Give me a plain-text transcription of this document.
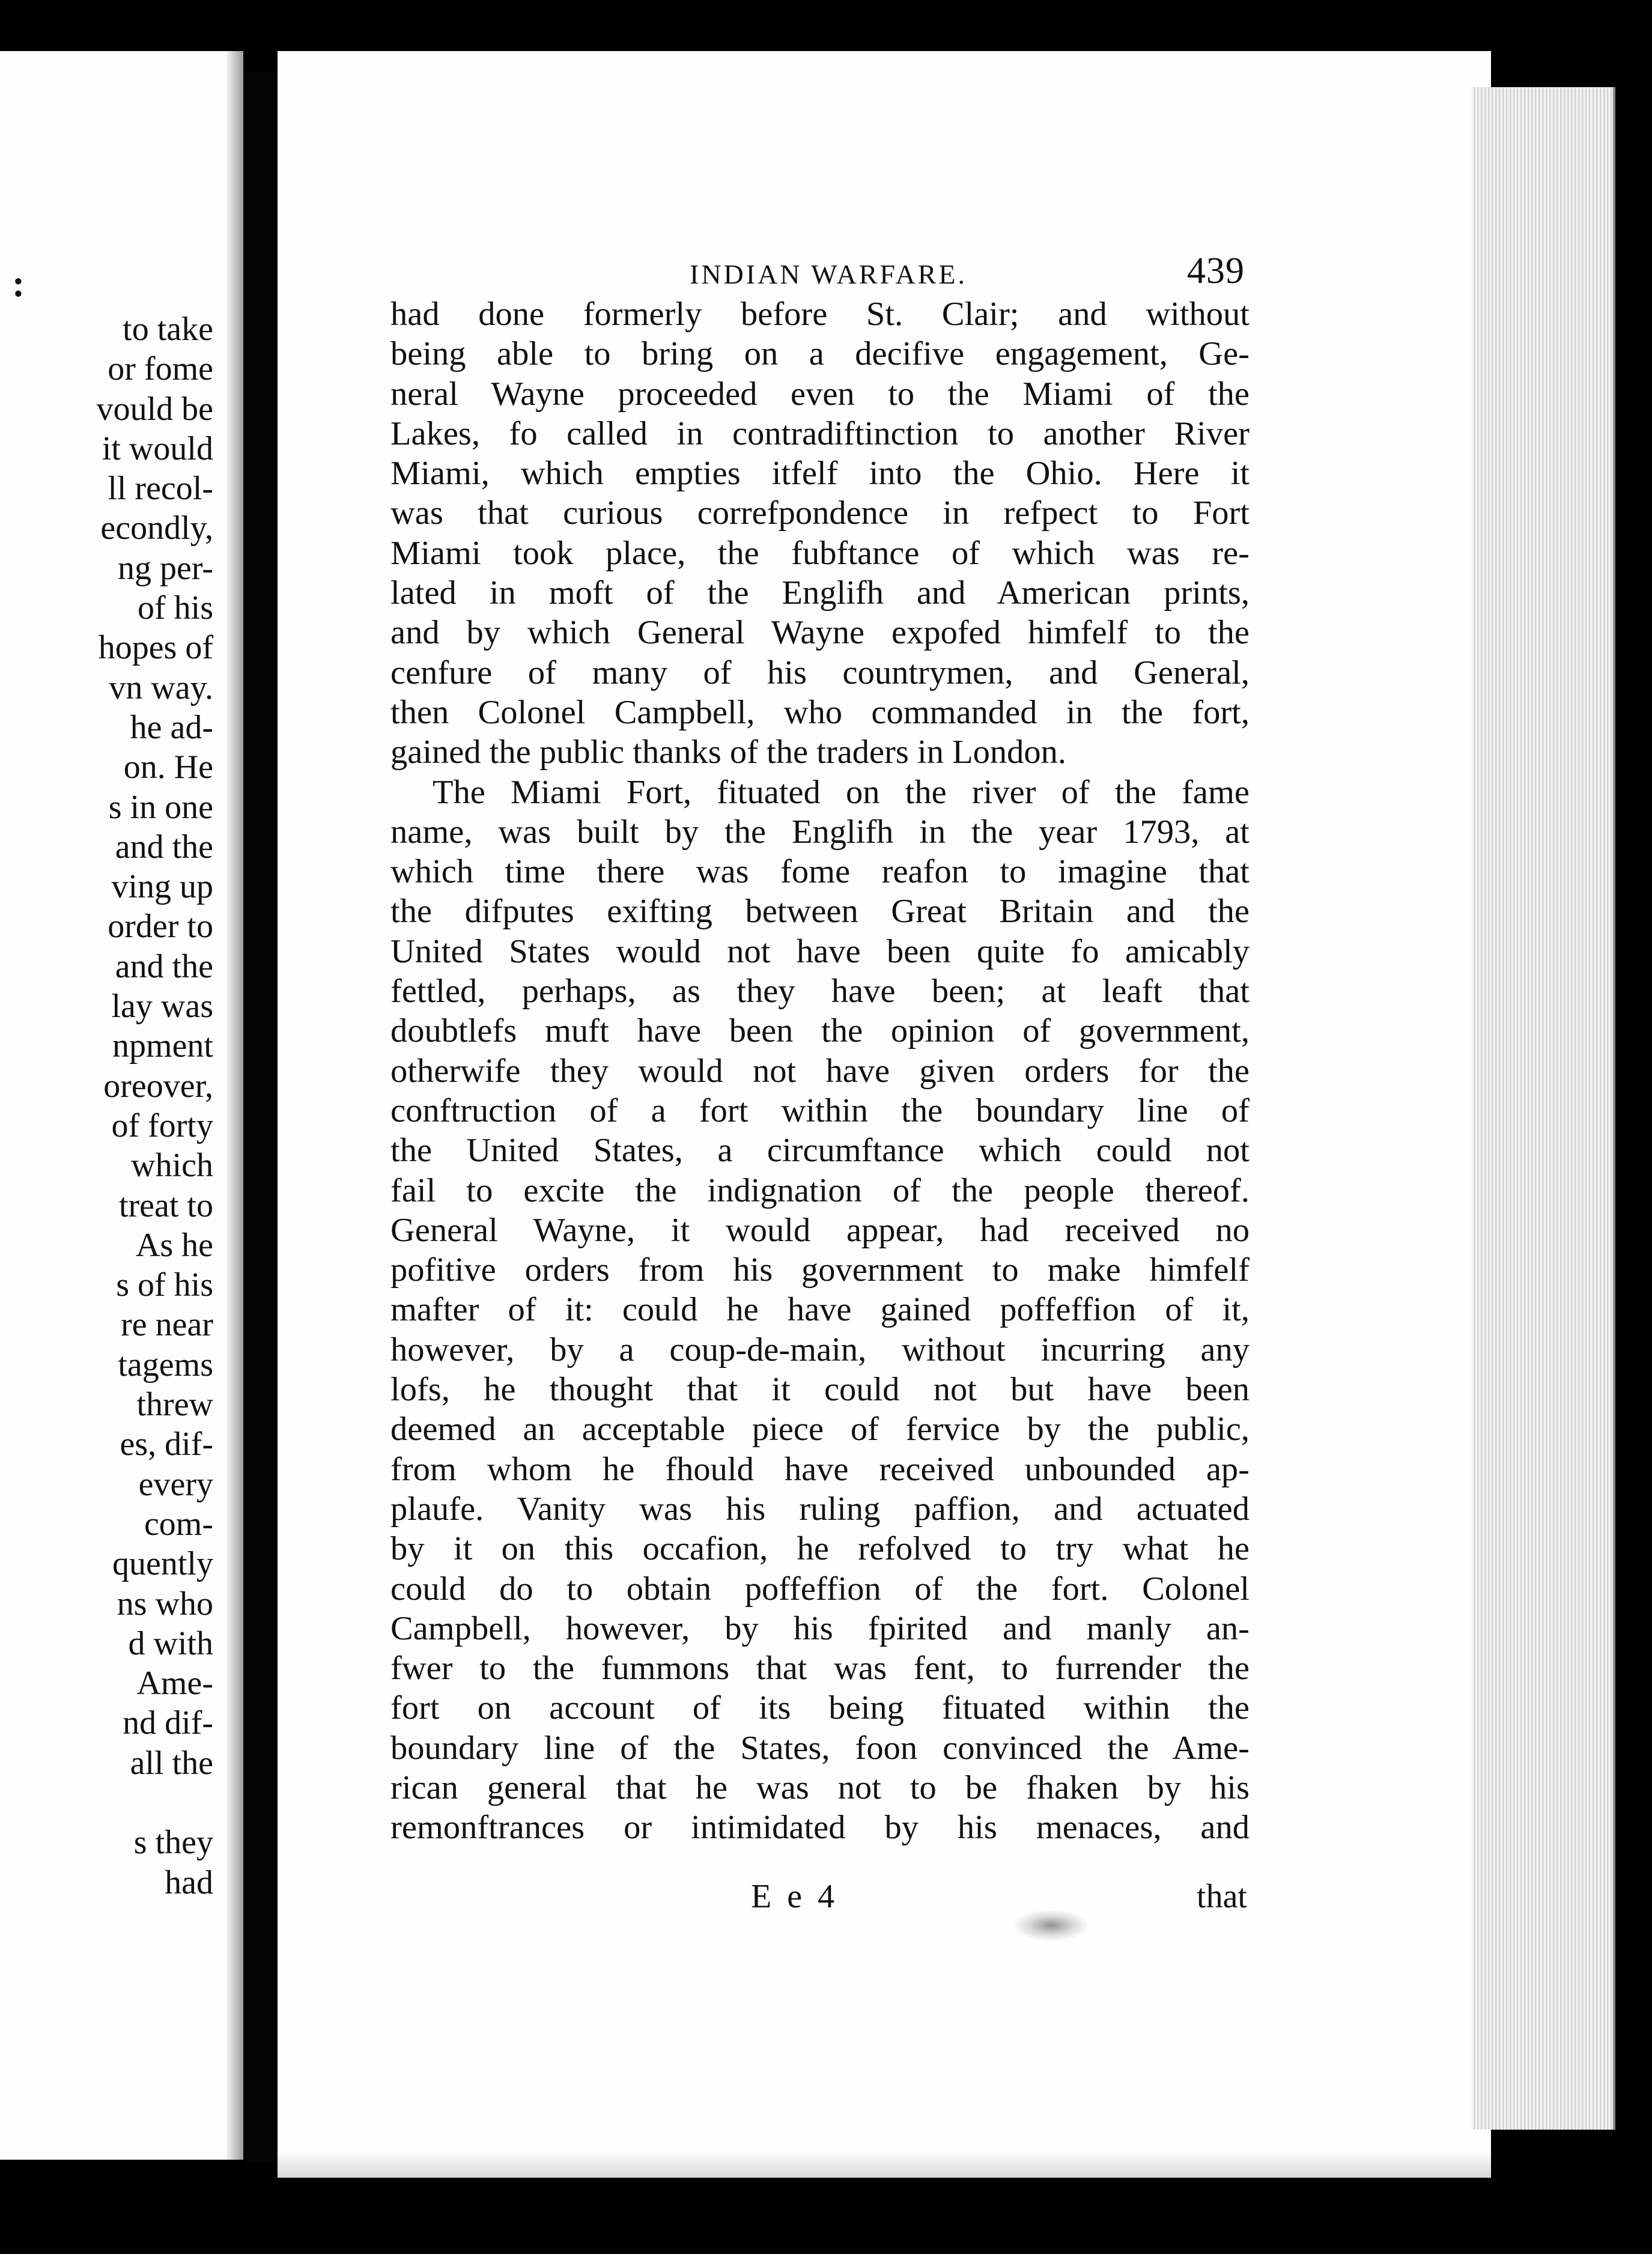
:
to take
or fome
vould be
it would
ll recol-
econdly,
ng per-
of his
hopes of
vn way.
he ad-
on. He
s in one
and the
ving up
order to
and the
lay was
npment
oreover,
of forty
which
treat to
As he
s of his
re near
tagems
threw
es, dif-
every
com-
quently
ns who
d with
Ame-
nd dif-
all the

s they
had
INDIAN WARFARE.	439
had done formerly before St. Clair; and without
being able to bring on a decifive engagement, Ge-
neral Wayne proceeded even to the Miami of the
Lakes, fo called in contradiftinction to another River
Miami, which empties itfelf into the Ohio. Here it
was that curious correfpondence in refpect to Fort
Miami took place, the fubftance of which was re-
lated in moft of the Englifh and American prints,
and by which General Wayne expofed himfelf to the
cenfure of many of his countrymen, and General,
then Colonel Campbell, who commanded in the fort,
gained the public thanks of the traders in London.
The Miami Fort, fituated on the river of the fame
name, was built by the Englifh in the year 1793, at
which time there was fome reafon to imagine that
the difputes exifting between Great Britain and the
United States would not have been quite fo amicably
fettled, perhaps, as they have been; at leaft that
doubtlefs muft have been the opinion of government,
otherwife they would not have given orders for the
conftruction of a fort within the boundary line of
the United States, a circumftance which could not
fail to excite the indignation of the people thereof.
General Wayne, it would appear, had received no
pofitive orders from his government to make himfelf
mafter of it: could he have gained poffeffion of it,
however, by a coup-de-main, without incurring any
lofs, he thought that it could not but have been
deemed an acceptable piece of fervice by the public,
from whom he fhould have received unbounded ap-
plaufe. Vanity was his ruling paffion, and actuated
by it on this occafion, he refolved to try what he
could do to obtain poffeffion of the fort. Colonel
Campbell, however, by his fpirited and manly an-
fwer to the fummons that was fent, to furrender the
fort on account of its being fituated within the
boundary line of the States, foon convinced the Ame-
rican general that he was not to be fhaken by his
remonftrances or intimidated by his menaces, and
E e 4	that
